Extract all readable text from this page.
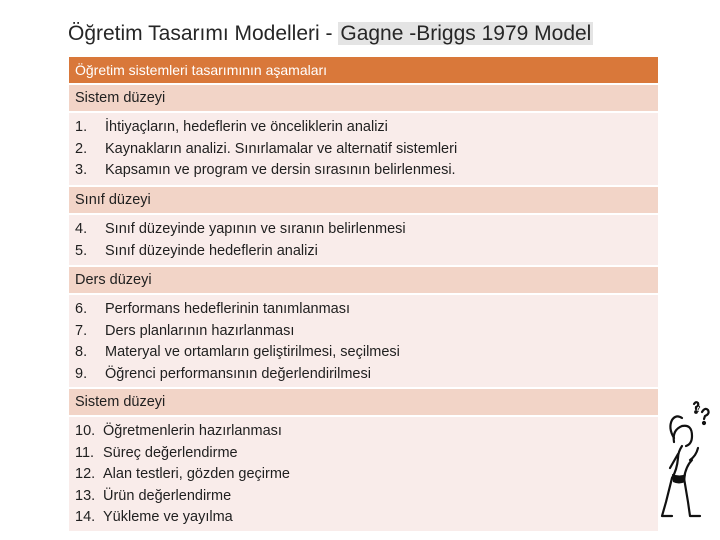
Öğretim Tasarımı Modelleri - Gagne -Briggs 1979 Model
Öğretim sistemleri tasarımının aşamaları
Sistem düzeyi
1.	İhtiyaçların, hedeflerin ve önceliklerin analizi
2.	Kaynakların analizi. Sınırlamalar ve alternatif sistemleri
3.	Kapsamın ve program ve dersin sırasının belirlenmesi.
Sınıf düzeyi
4.	Sınıf düzeyinde yapının ve sıranın belirlenmesi
5.	Sınıf düzeyinde hedeflerin analizi
Ders düzeyi
6.	Performans hedeflerinin tanımlanması
7.	Ders planlarının hazırlanması
8.	Materyal ve ortamların geliştirilmesi, seçilmesi
9.	Öğrenci performansının değerlendirilmesi
Sistem düzeyi
10. Öğretmenlerin hazırlanması
11. Süreç değerlendirme
12. Alan testleri, gözden geçirme
13. Ürün değerlendirme
14. Yükleme ve yayılma
?
